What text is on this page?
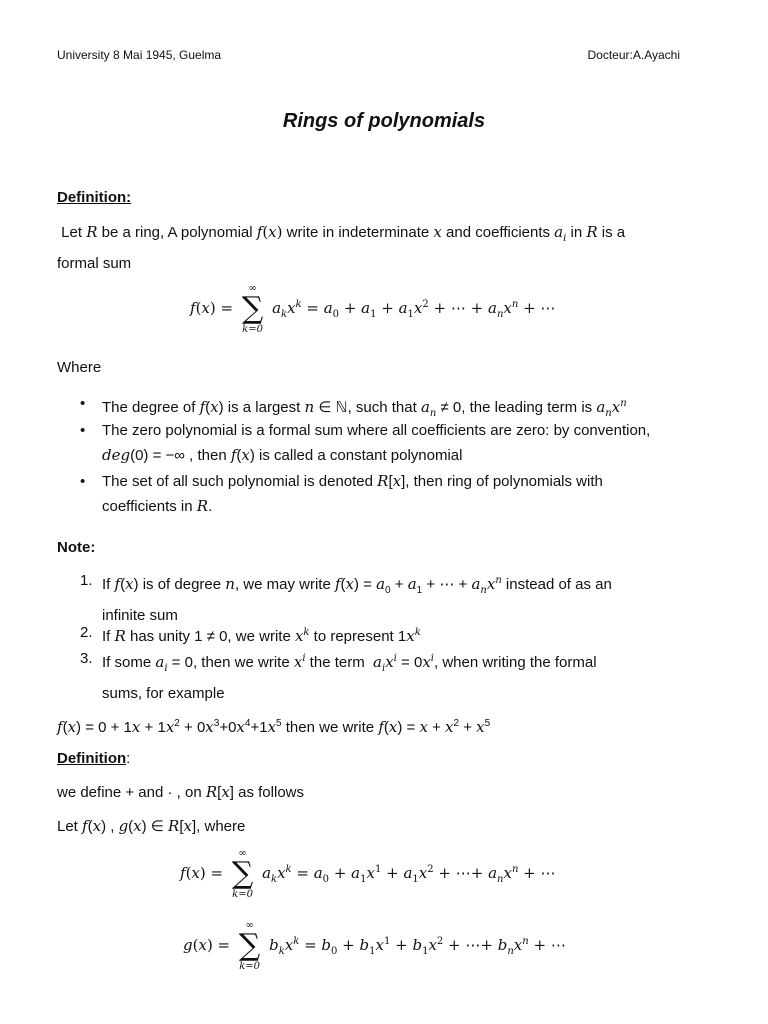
University 8 Mai 1945, Guelma	Docteur:A.Ayachi
Rings of polynomials
Definition:
Let R be a ring, A polynomial f(x) write in indeterminate x and coefficients $a_i$ in R is a
formal sum
f(x) =
∞
∑
k=0
$a_kx^k = a_0 + a_1 + a_1x^2$ + ⋯ + $a_nx^n$ + ⋯
Where
• The degree of f(x) is a largest n ∈ ℕ, such that $a_n \ne 0$, the leading term is $a_nx^n$
• The zero polynomial is a formal sum where all coefficients are zero: by convention,
deg(0) = −∞ , then f(x) is called a constant polynomial
• The set of all such polynomial is denoted R[x], then ring of polynomials with
coefficients in R.
Note:
1. If f(x) is of degree n, we may write $f(x) = a_0 + a_1$ + ⋯ + $a_nx^n$ instead of as an
infinite sum
2. If R has unity 1 ≠ 0, we write $x^k$ to represent $1x^k$
3. If some $a_i = 0$, then we write $x^i$ the term  $a_ix^i = 0x^i$, when writing the formal
sums, for example
$f(x) = 0 + 1x + 1x^2 + 0x^3+0x^4+1x^5$ then we write $f(x) = x + x^2 + x^5$
Definition:
we define + and · , on R[x] as follows
Let f(x) , g(x) ∈ R[x], where
f(x) =
∞
∑
k=0
$a_kx^k = a_0 + a_1x^1 + a_1x^2$ + ⋯+ $a_nx^n$ + ⋯
g(x) =
∞
∑
k=0
$b_kx^k = b_0 + b_1x^1 + b_1x^2$ + ⋯+ $b_nx^n$ + ⋯
